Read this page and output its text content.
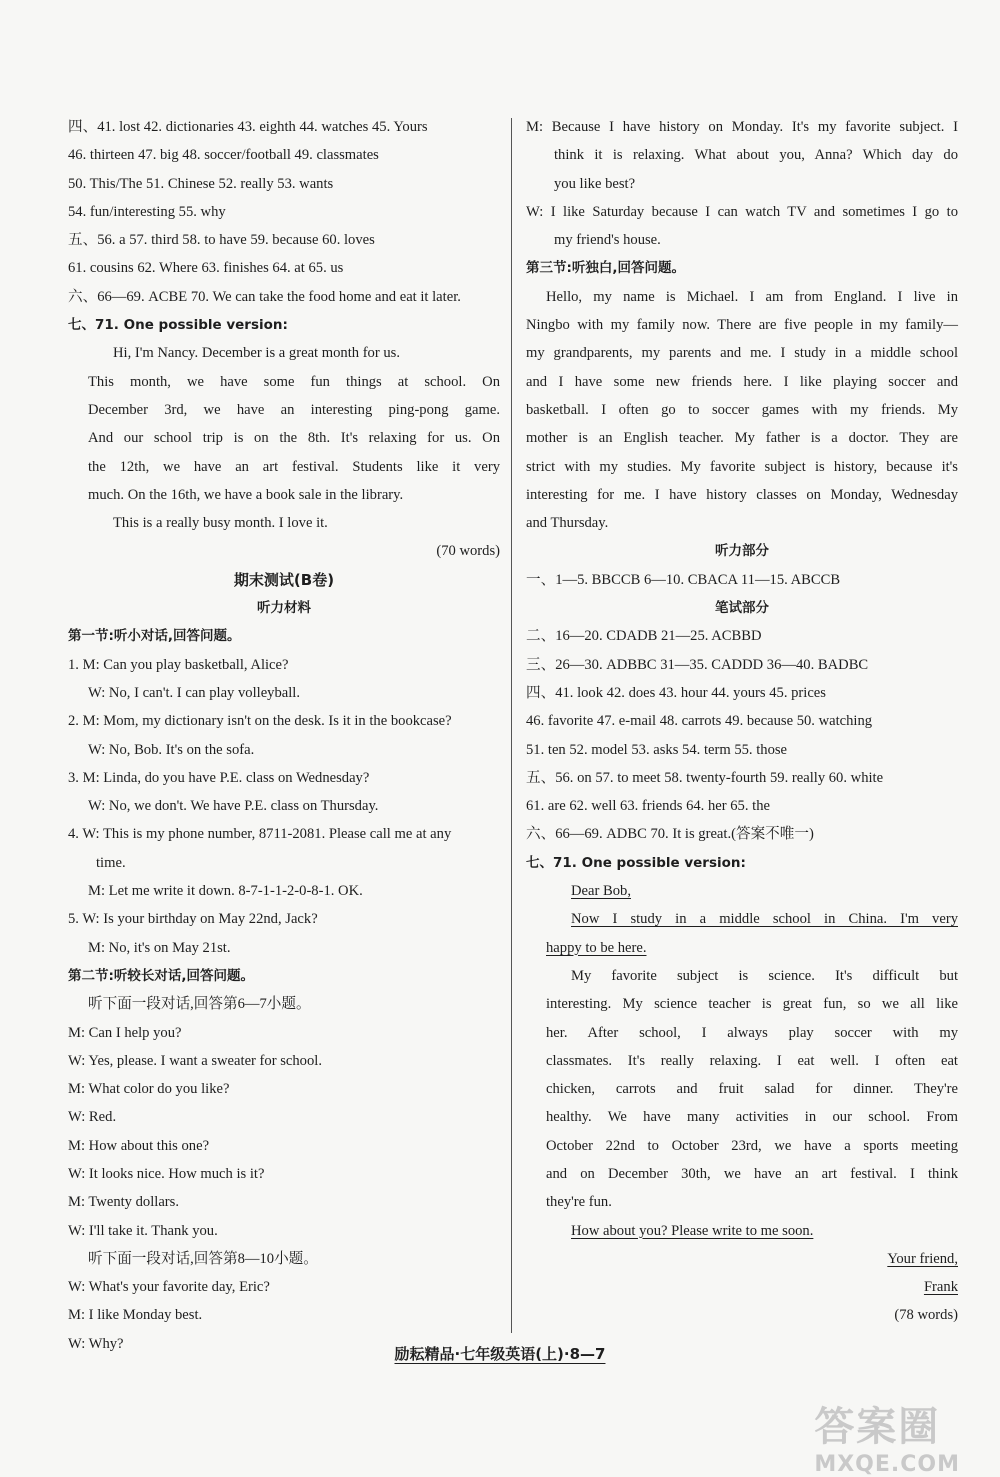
四、41. lost 42. dictionaries 43. eighth 44. watches 45. Yours
46. thirteen 47. big 48. soccer/football 49. classmates
50. This/The 51. Chinese 52. really 53. wants
54. fun/interesting 55. why
五、56. a 57. third 58. to have 59. because 60. loves
61. cousins 62. Where 63. finishes 64. at 65. us
六、66—69. ACBE 70. We can take the food home and eat it later.
七、71. One possible version:
Hi, I'm Nancy. December is a great month for us.
This month, we have some fun things at school. On
December 3rd, we have an interesting ping-pong game.
And our school trip is on the 8th. It's relaxing for us. On
the 12th, we have an art festival. Students like it very
much. On the 16th, we have a book sale in the library.
This is a really busy month. I love it.
(70 words)
期末测试(B卷)
听力材料
第一节:听小对话,回答问题。
1. M: Can you play basketball, Alice?
W: No, I can't. I can play volleyball.
2. M: Mom, my dictionary isn't on the desk. Is it in the bookcase?
W: No, Bob. It's on the sofa.
3. M: Linda, do you have P.E. class on Wednesday?
W: No, we don't. We have P.E. class on Thursday.
4. W: This is my phone number, 8711-2081. Please call me at any
time.
M: Let me write it down. 8-7-1-1-2-0-8-1. OK.
5. W: Is your birthday on May 22nd, Jack?
M: No, it's on May 21st.
第二节:听较长对话,回答问题。
听下面一段对话,回答第6—7小题。
M: Can I help you?
W: Yes, please. I want a sweater for school.
M: What color do you like?
W: Red.
M: How about this one?
W: It looks nice. How much is it?
M: Twenty dollars.
W: I'll take it. Thank you.
听下面一段对话,回答第8—10小题。
W: What's your favorite day, Eric?
M: I like Monday best.
W: Why?
M: Because I have history on Monday. It's my favorite subject. I
think it is relaxing. What about you, Anna? Which day do
you like best?
W: I like Saturday because I can watch TV and sometimes I go to
my friend's house.
第三节:听独白,回答问题。
Hello, my name is Michael. I am from England. I live in
Ningbo with my family now. There are five people in my family—
my grandparents, my parents and me. I study in a middle school
and I have some new friends here. I like playing soccer and
basketball. I often go to soccer games with my friends. My
mother is an English teacher. My father is a doctor. They are
strict with my studies. My favorite subject is history, because it's
interesting for me. I have history classes on Monday, Wednesday
and Thursday.
听力部分
一、1—5. BBCCB 6—10. CBACA 11—15. ABCCB
笔试部分
二、16—20. CDADB 21—25. ACBBD
三、26—30. ADBBC 31—35. CADDD 36—40. BADBC
四、41. look 42. does 43. hour 44. yours 45. prices
46. favorite 47. e-mail 48. carrots 49. because 50. watching
51. ten 52. model 53. asks 54. term 55. those
五、56. on 57. to meet 58. twenty-fourth 59. really 60. white
61. are 62. well 63. friends 64. her 65. the
六、66—69. ADBC 70. It is great.(答案不唯一)
七、71. One possible version:
Dear Bob,
Now I study in a middle school in China. I'm very
happy to be here.
My favorite subject is science. It's difficult but
interesting. My science teacher is great fun, so we all like
her. After school, I always play soccer with my
classmates. It's really relaxing. I eat well. I often eat
chicken, carrots and fruit salad for dinner. They're
healthy. We have many activities in our school. From
October 22nd to October 23rd, we have a sports meeting
and on December 30th, we have an art festival. I think
they're fun.
How about you? Please write to me soon.
Your friend,
Frank
(78 words)
励耘精品·七年级英语(上)·8—7
答案圈
MXQE.COM
